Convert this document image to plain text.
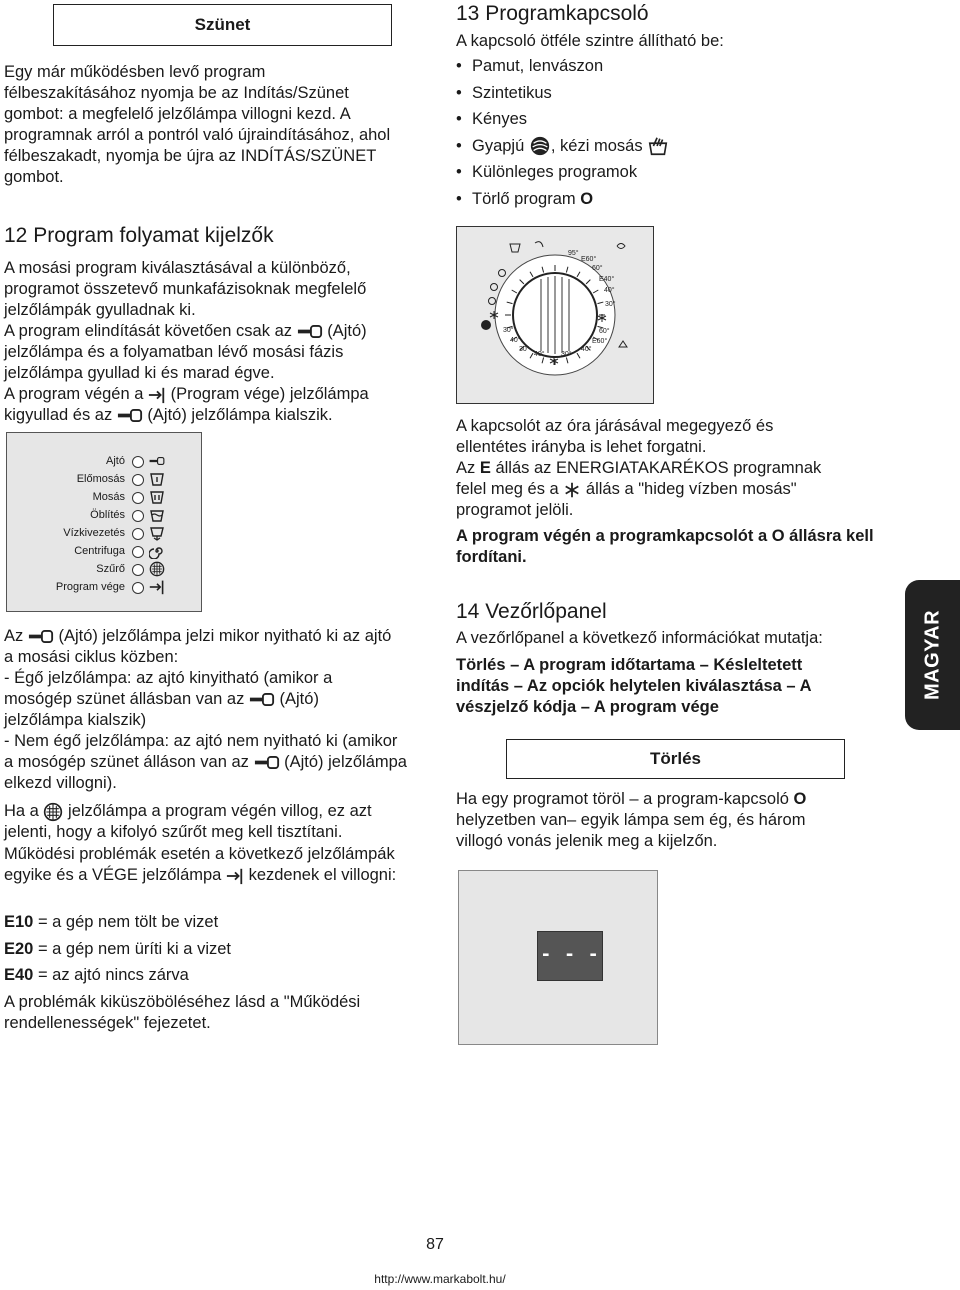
Szünet

Egy már működésben levő program félbeszakításához nyomja be az Indítás/Szünet gombot: a megfelelő jelzőlámpa villogni kezd. A programnak arról a pontról való újraindításához, ahol félbeszakadt, nyomja be újra az INDÍTÁS/SZÜNET gombot.

12 Program folyamat kijelzők

A mosási program kiválasztásával a különböző, programot összetevő munkafázisoknak megfelelő jelzőlámpák gyulladnak ki.

A program elindítását követően csak az (Ajtó) jelzőlámpa és a folyamatban lévő mosási fázis jelzőlámpa gyullad ki és marad égve.

A program végén a (Program vége) jelzőlámpa kigyullad és az (Ajtó) jelzőlámpa kialszik.

Ajtó
Előmosás
Mosás
Öblítés
Vízkivezetés
Centrifuga
Szűrő
Program vége

Az (Ajtó) jelzőlámpa jelzi mikor nyitható ki az ajtó a mosási ciklus közben:

- Égő jelzőlámpa: az ajtó kinyitható (amikor a mosógép szünet állásban van az (Ajtó) jelzőlámpa kialszik)

- Nem égő jelzőlámpa: az ajtó nem nyitható ki (amikor a mosógép szünet álláson van az (Ajtó) jelzőlámpa elkezd villogni).

Ha a jelzőlámpa a program végén villog, ez azt jelenti, hogy a kifolyó szűrőt meg kell tisztítani.

Működési problémák esetén a következő jelzőlámpák egyike és a VÉGE jelzőlámpa kezdenek el villogni:

E10 = a gép nem tölt be vizet
E20 = a gép nem üríti ki a vizet
E40 = az ajtó nincs zárva

A problémák kiküszöböléséhez lásd a "Működési rendellenességek" fejezetet.

13 Programkapcsoló

A kapcsoló ötféle szintre állítható be:

• Pamut, lenvászon
• Szintetikus
• Kényes
• Gyapjú , kézi mosás
• Különleges programok
• Törlő program O
95°
E60°
60°
E40°
40°
30°
60°
E60°
40°
30°
40°
30°
40°
30°

A kapcsolót az óra járásával megegyező és ellentétes irányba is lehet forgatni.

Az E állás az ENERGIATAKARÉKOS programnak felel meg és a állás a "hideg vízben mosás" programot jelöli.

A program végén a programkapcsolót a O állásra kell fordítani.

14 Vezőrlőpanel

A vezőrlőpanel a következő információkat mutatja:

Törlés – A program időtartama – Késleltetett indítás – Az opciók helytelen kiválasztása – A vészjelző kódja – A program vége

Törlés

Ha egy programot töröl – a program-kapcsoló O helyzetben van– egyik lámpa sem ég, és három villogó vonás jelenik meg a kijelzőn.

- - -
MAGYAR
87
http://www.markabolt.hu/
